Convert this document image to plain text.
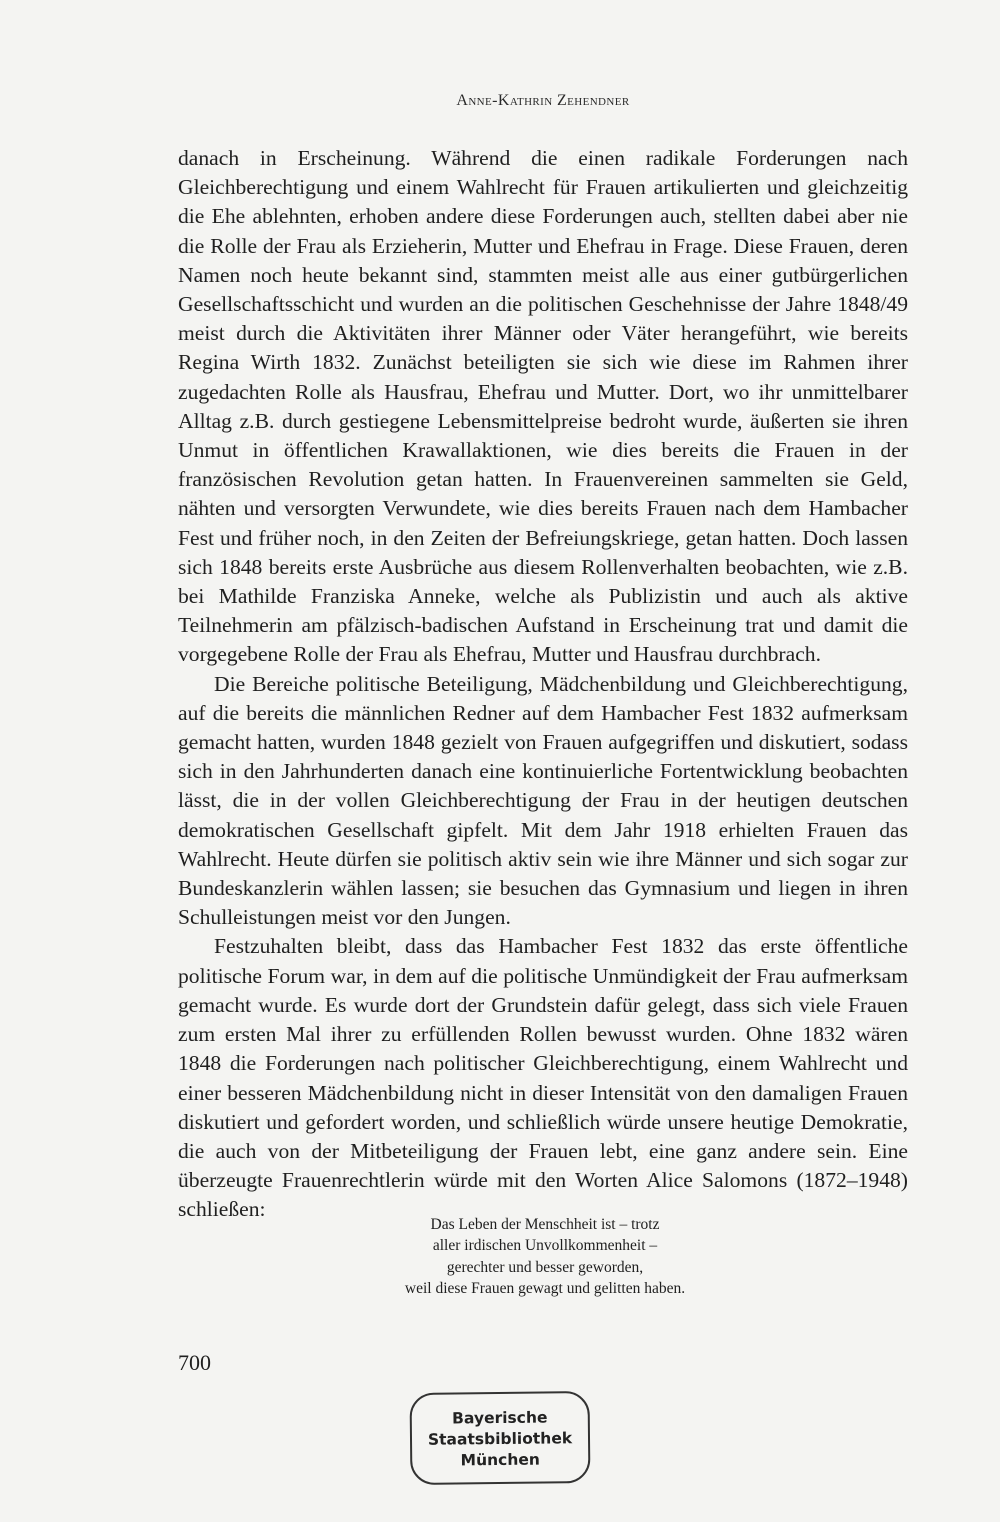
Anne-Kathrin Zehendner

danach in Erscheinung. Während die einen radikale Forderungen nach Gleichberechtigung und einem Wahlrecht für Frauen artikulierten und gleichzeitig die Ehe ablehnten, erhoben andere diese Forderungen auch, stellten dabei aber nie die Rolle der Frau als Erzieherin, Mutter und Ehefrau in Frage. Diese Frauen, deren Namen noch heute bekannt sind, stammten meist alle aus einer gutbürgerlichen Gesellschaftsschicht und wurden an die politischen Geschehnisse der Jahre 1848/49 meist durch die Aktivitäten ihrer Männer oder Väter herangeführt, wie bereits Regina Wirth 1832. Zunächst beteiligten sie sich wie diese im Rahmen ihrer zugedachten Rolle als Hausfrau, Ehefrau und Mutter. Dort, wo ihr unmittelbarer Alltag z.B. durch gestiegene Lebensmittelpreise bedroht wurde, äußerten sie ihren Unmut in öffentlichen Krawallaktionen, wie dies bereits die Frauen in der französischen Revolution getan hatten. In Frauenvereinen sammelten sie Geld, nähten und versorgten Verwundete, wie dies bereits Frauen nach dem Hambacher Fest und früher noch, in den Zeiten der Befreiungskriege, getan hatten. Doch lassen sich 1848 bereits erste Ausbrüche aus diesem Rollenverhalten beobachten, wie z.B. bei Mathilde Franziska Anneke, welche als Publizistin und auch als aktive Teilnehmerin am pfälzisch-badischen Aufstand in Erscheinung trat und damit die vorgegebene Rolle der Frau als Ehefrau, Mutter und Hausfrau durchbrach.

Die Bereiche politische Beteiligung, Mädchenbildung und Gleichberechtigung, auf die bereits die männlichen Redner auf dem Hambacher Fest 1832 aufmerksam gemacht hatten, wurden 1848 gezielt von Frauen aufgegriffen und diskutiert, sodass sich in den Jahrhunderten danach eine kontinuierliche Fortentwicklung beobachten lässt, die in der vollen Gleichberechtigung der Frau in der heutigen deutschen demokratischen Gesellschaft gipfelt. Mit dem Jahr 1918 erhielten Frauen das Wahlrecht. Heute dürfen sie politisch aktiv sein wie ihre Männer und sich sogar zur Bundeskanzlerin wählen lassen; sie besuchen das Gymnasium und liegen in ihren Schulleistungen meist vor den Jungen.

Festzuhalten bleibt, dass das Hambacher Fest 1832 das erste öffentliche politische Forum war, in dem auf die politische Unmündigkeit der Frau aufmerksam gemacht wurde. Es wurde dort der Grundstein dafür gelegt, dass sich viele Frauen zum ersten Mal ihrer zu erfüllenden Rollen bewusst wurden. Ohne 1832 wären 1848 die Forderungen nach politischer Gleichberechtigung, einem Wahlrecht und einer besseren Mädchenbildung nicht in dieser Intensität von den damaligen Frauen diskutiert und gefordert worden, und schließlich würde unsere heutige Demokratie, die auch von der Mitbeteiligung der Frauen lebt, eine ganz andere sein. Eine überzeugte Frauenrechtlerin würde mit den Worten Alice Salomons (1872–1948) schließen:

Das Leben der Menschheit ist – trotz
aller irdischen Unvollkommenheit –
gerechter und besser geworden,
weil diese Frauen gewagt und gelitten haben.
700
Bayerische
Staatsbibliothek
München
